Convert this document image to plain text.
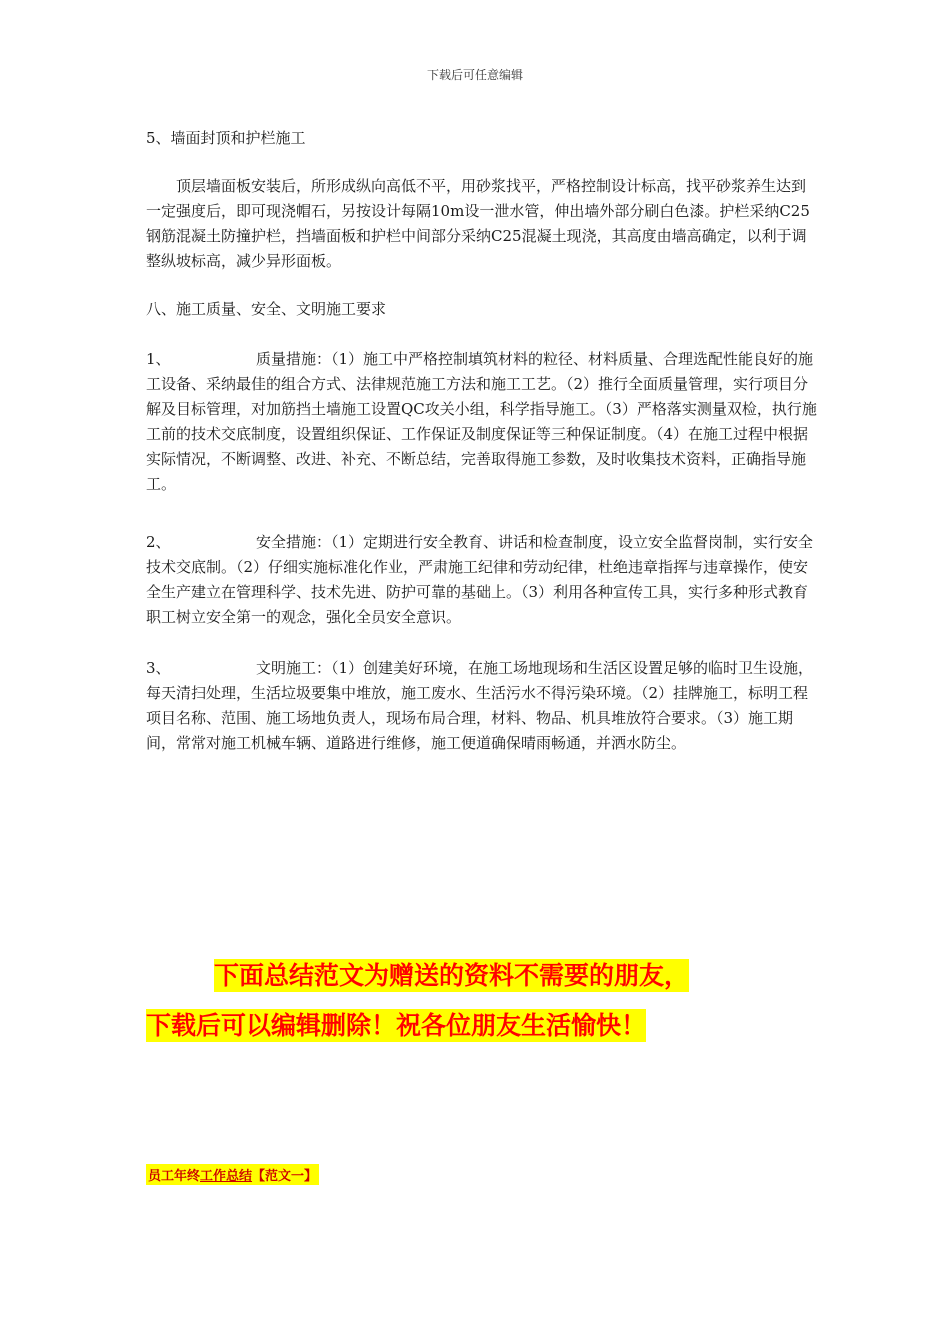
下载后可任意编辑
5、墙面封顶和护栏施工

顶层墙面板安装后，所形成纵向高低不平，用砂浆找平，严格控制设计标高，找平砂浆养生达到一定强度后，即可现浇帽石，另按设计每隔10m设一泄水管，伸出墙外部分刷白色漆。护栏采纳C25钢筋混凝土防撞护栏，挡墙面板和护栏中间部分采纳C25混凝土现浇，其高度由墙高确定，以利于调整纵坡标高，减少异形面板。

八、施工质量、安全、文明施工要求

1、	质量措施：（1）施工中严格控制填筑材料的粒径、材料质量、合理选配性能良好的施工设备、采纳最佳的组合方式、法律规范施工方法和施工工艺。（2）推行全面质量管理，实行项目分解及目标管理，对加筋挡土墙施工设置QC攻关小组，科学指导施工。（3）严格落实测量双检，执行施工前的技术交底制度，设置组织保证、工作保证及制度保证等三种保证制度。（4）在施工过程中根据实际情况，不断调整、改进、补充、不断总结，完善取得施工参数，及时收集技术资料，正确指导施工。

2、	安全措施：（1）定期进行安全教育、讲话和检查制度，设立安全监督岗制，实行安全技术交底制。（2）仔细实施标准化作业，严肃施工纪律和劳动纪律，杜绝违章指挥与违章操作，使安全生产建立在管理科学、技术先进、防护可靠的基础上。（3）利用各种宣传工具，实行多种形式教育职工树立安全第一的观念，强化全员安全意识。

3、	文明施工：（1）创建美好环境，在施工场地现场和生活区设置足够的临时卫生设施，每天清扫处理，生活垃圾要集中堆放，施工废水、生活污水不得污染环境。（2）挂牌施工，标明工程项目名称、范围、施工场地负责人，现场布局合理，材料、物品、机具堆放符合要求。（3）施工期间，常常对施工机械车辆、道路进行维修，施工便道确保晴雨畅通，并洒水防尘。

下面总结范文为赠送的资料不需要的朋友，
下载后可以编辑删除！祝各位朋友生活愉快！
员工年终工作总结【范文一】
